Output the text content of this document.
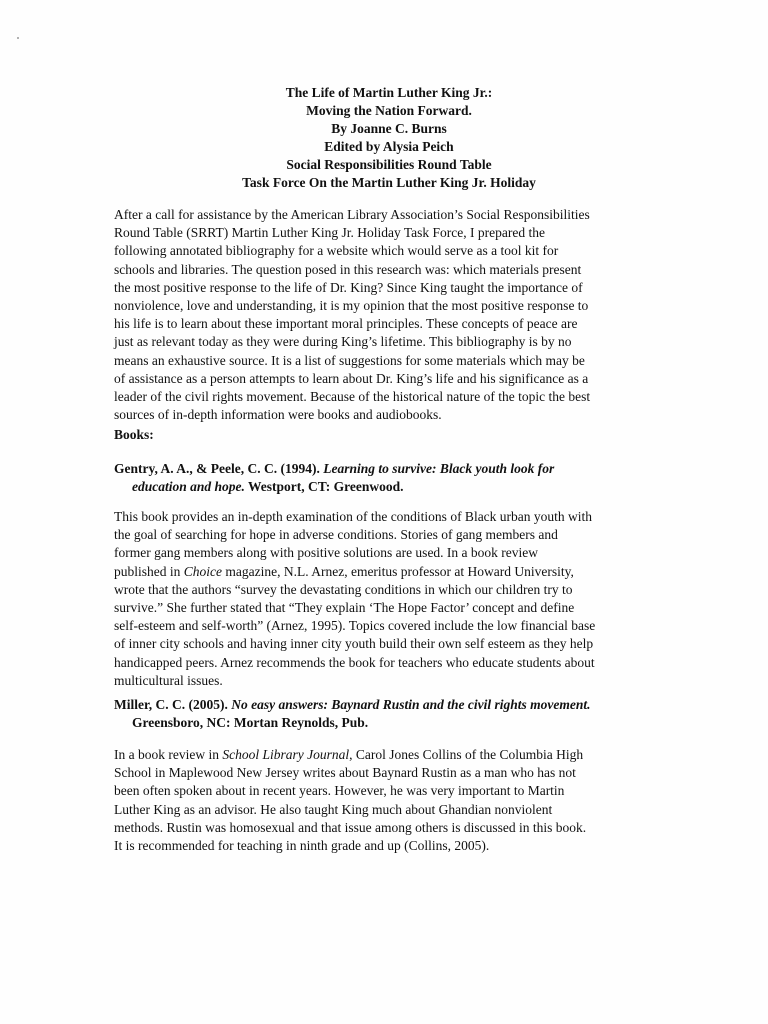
The Life of Martin Luther King Jr.:
Moving the Nation Forward.
By Joanne C. Burns
Edited by Alysia Peich
Social Responsibilities Round Table
Task Force On the Martin Luther King Jr. Holiday
After a call for assistance by the American Library Association’s Social Responsibilities
Round Table (SRRT) Martin Luther King Jr. Holiday Task Force, I prepared the
following annotated bibliography for a website which would serve as a tool kit for
schools and libraries. The question posed in this research was: which materials present
the most positive response to the life of Dr. King? Since King taught the importance of
nonviolence, love and understanding, it is my opinion that the most positive response to
his life is to learn about these important moral principles. These concepts of peace are
just as relevant today as they were during King’s lifetime. This bibliography is by no
means an exhaustive source. It is a list of suggestions for some materials which may be
of assistance as a person attempts to learn about Dr. King’s life and his significance as a
leader of the civil rights movement. Because of the historical nature of the topic the best
sources of in-depth information were books and audiobooks.
Books:
Gentry, A. A., & Peele, C. C. (1994). Learning to survive: Black youth look for
education and hope. Westport, CT: Greenwood.
This book provides an in-depth examination of the conditions of Black urban youth with
the goal of searching for hope in adverse conditions. Stories of gang members and
former gang members along with positive solutions are used. In a book review
published in Choice magazine, N.L. Arnez, emeritus professor at Howard University,
wrote that the authors “survey the devastating conditions in which our children try to
survive.” She further stated that “They explain ‘The Hope Factor’ concept and define
self-esteem and self-worth” (Arnez, 1995). Topics covered include the low financial base
of inner city schools and having inner city youth build their own self esteem as they help
handicapped peers. Arnez recommends the book for teachers who educate students about
multicultural issues.
Miller, C. C. (2005). No easy answers: Baynard Rustin and the civil rights movement.
Greensboro, NC: Mortan Reynolds, Pub.
In a book review in School Library Journal, Carol Jones Collins of the Columbia High
School in Maplewood New Jersey writes about Baynard Rustin as a man who has not
been often spoken about in recent years. However, he was very important to Martin
Luther King as an advisor. He also taught King much about Ghandian nonviolent
methods. Rustin was homosexual and that issue among others is discussed in this book.
It is recommended for teaching in ninth grade and up (Collins, 2005).
